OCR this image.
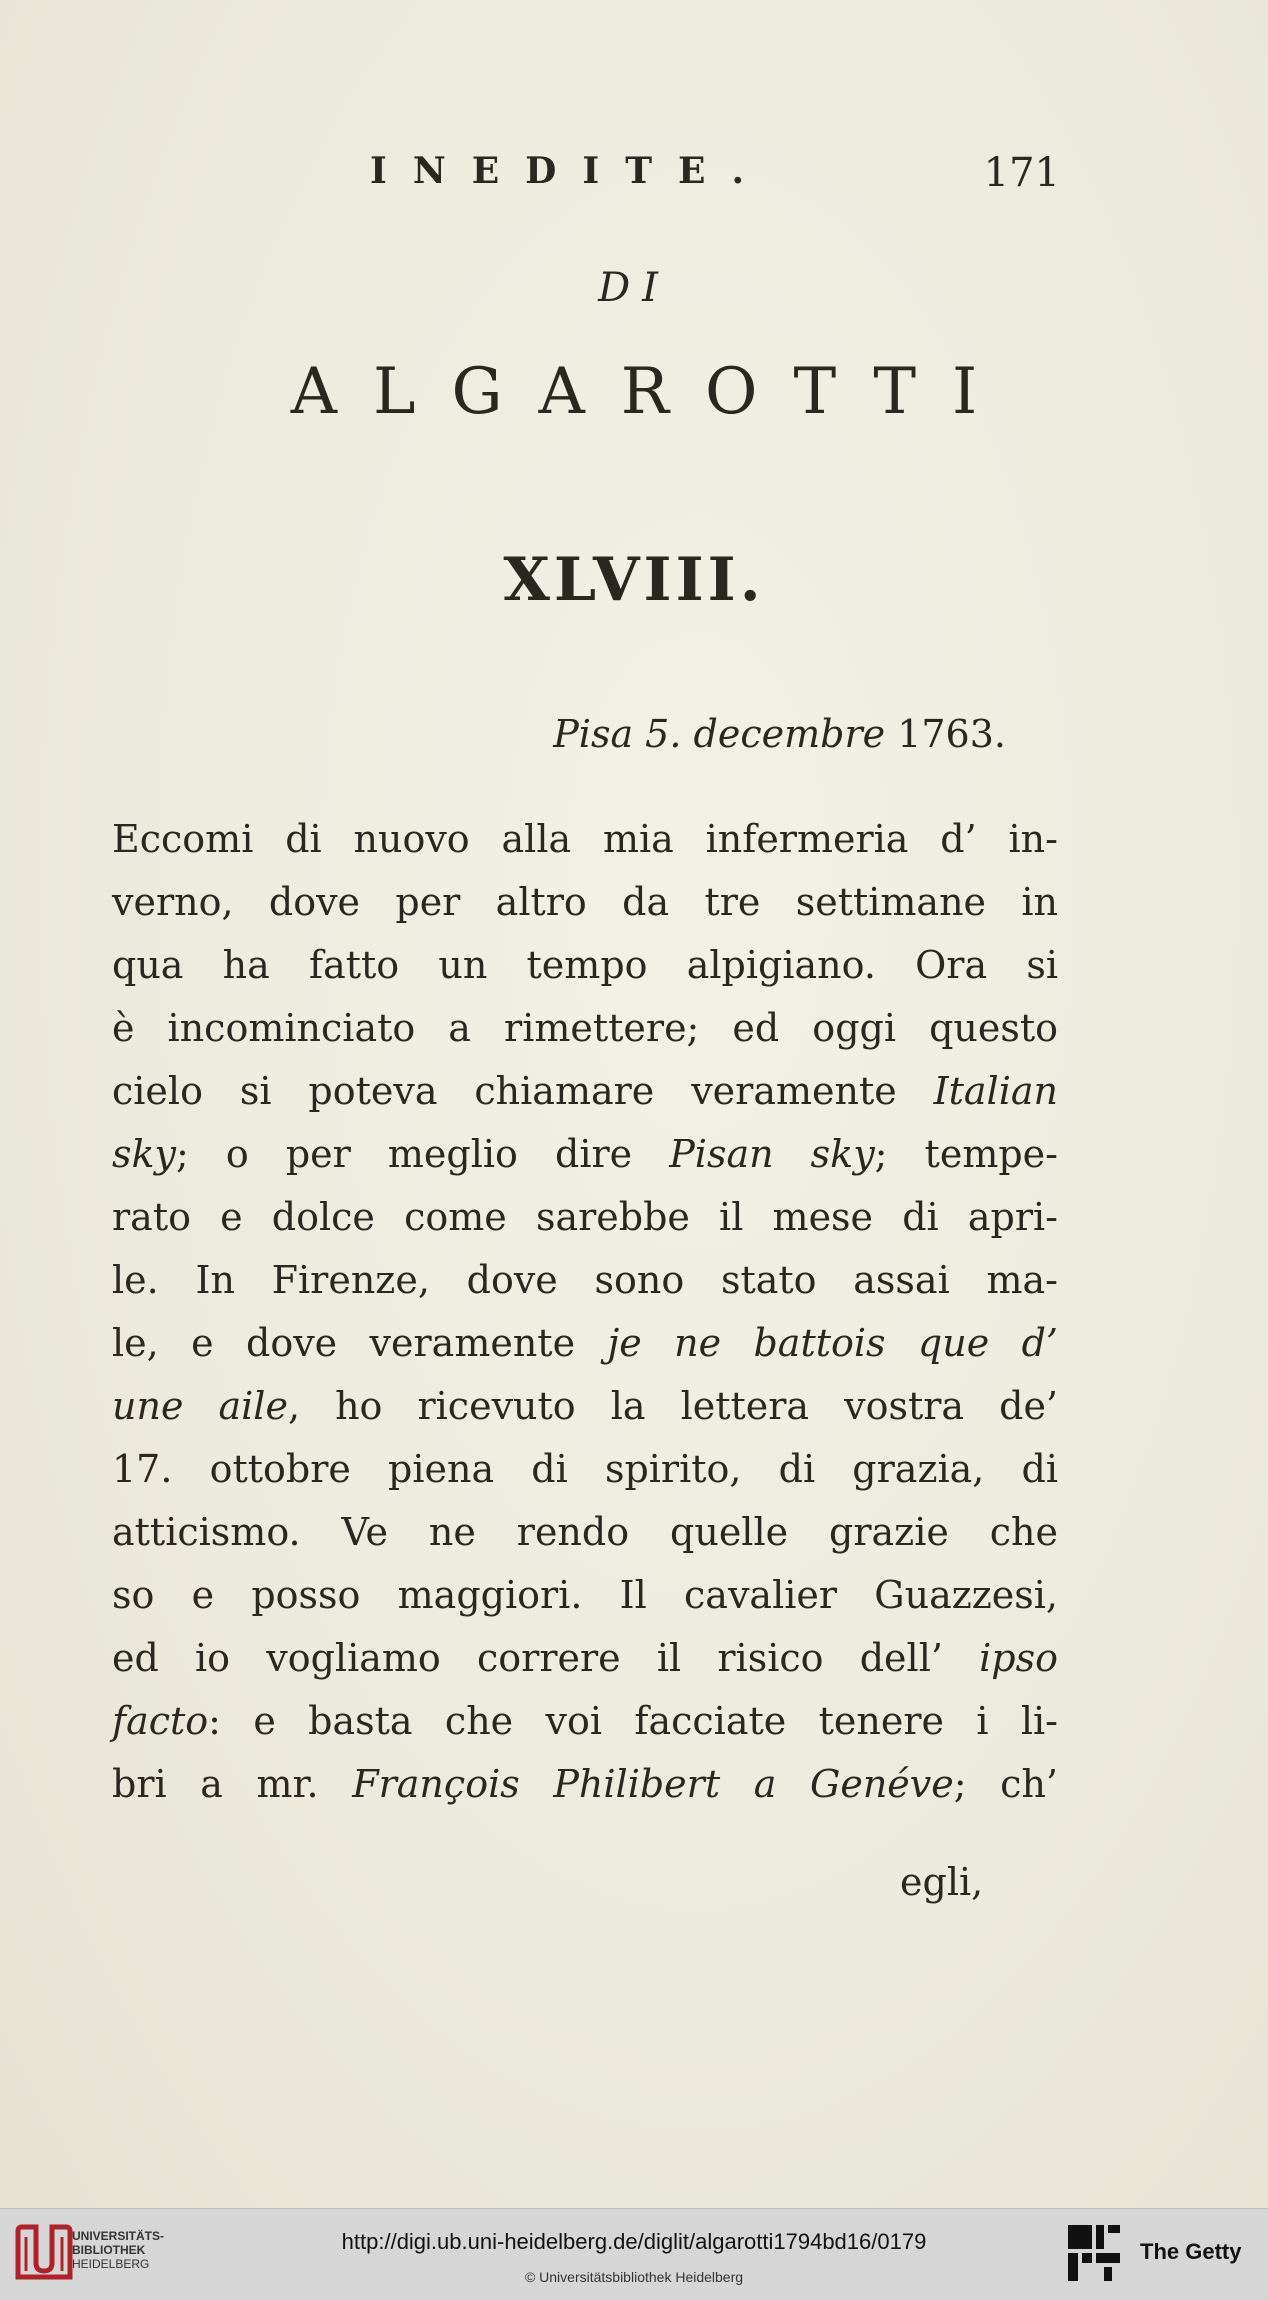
INEDITE.	171
DI
ALGAROTTI
XLVIII.
Pisa 5. decembre 1763.
Eccomi di nuovo alla mia infermeria d’ in-
verno, dove per altro da tre settimane in
qua ha fatto un tempo alpigiano. Ora si
è incominciato a rimettere; ed oggi questo
cielo si poteva chiamare veramente Italian
sky; o per meglio dire Pisan sky; tempe-
rato e dolce come sarebbe il mese di apri-
le. In Firenze, dove sono stato assai ma-
le, e dove veramente je ne battois que d’
une aile, ho ricevuto la lettera vostra de’
17. ottobre piena di spirito, di grazia, di
atticismo. Ve ne rendo quelle grazie che
so e posso maggiori. Il cavalier Guazzesi,
ed io vogliamo correre il risico dell’ ipso
facto: e basta che voi facciate tenere i li-
bri a mr. François Philibert a Genéve; ch’
egli,
UNIVERSITÄTS-
BIBLIOTHEK
HEIDELBERG
http://digi.ub.uni-heidelberg.de/diglit/algarotti1794bd16/0179
© Universitätsbibliothek Heidelberg
The Getty
